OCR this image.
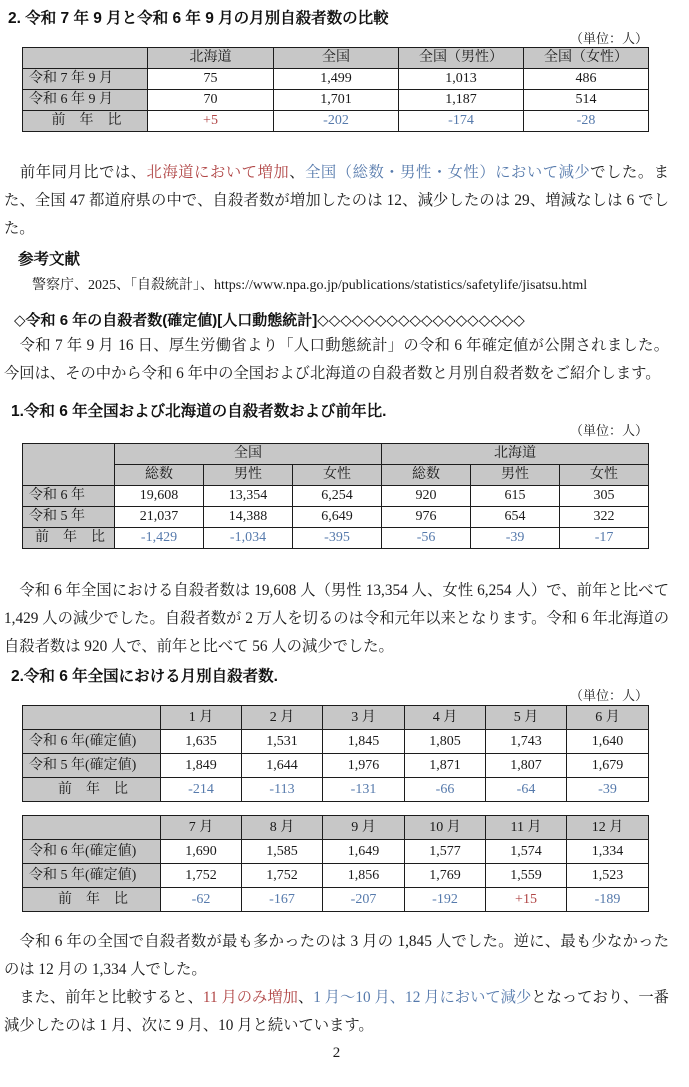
2. 令和 7 年 9 月と令和 6 年 9 月の月別自殺者数の比較
（単位：人）
	北海道	全国	全国（男性）	全国（女性）
令和 7 年 9 月	75	1,499	1,013	486
令和 6 年 9 月	70	1,701	1,187	514
前　年　比	+5	-202	-174	-28

　前年同月比では、北海道において増加、全国（総数・男性・女性）において減少でした。また、全国 47 都道府県の中で、自殺者数が増加したのは 12、減少したのは 29、増減なしは 6 でした。

参考文献

警察庁、2025、「自殺統計」、https://www.npa.go.jp/publications/statistics/safetylife/jisatsu.html

◇令和 6 年の自殺者数(確定値)[人口動態統計]◇◇◇◇◇◇◇◇◇◇◇◇◇◇◇◇◇◇

　令和 7 年 9 月 16 日、厚生労働省より「人口動態統計」の令和 6 年確定値が公開されました。今回は、その中から令和 6 年中の全国および北海道の自殺者数と月別自殺者数をご紹介します。

1.令和 6 年全国および北海道の自殺者数および前年比.
（単位：人）
	全国			北海道		
	総数	男性	女性	総数	男性	女性
令和 6 年	19,608	13,354	6,254	920	615	305
令和 5 年	21,037	14,388	6,649	976	654	322
前　年　比	-1,429	-1,034	-395	-56	-39	-17

　令和 6 年全国における自殺者数は 19,608 人（男性 13,354 人、女性 6,254 人）で、前年と比べて 1,429 人の減少でした。自殺者数が 2 万人を切るのは令和元年以来となります。令和 6 年北海道の自殺者数は 920 人で、前年と比べて 56 人の減少でした。

2.令和 6 年全国における月別自殺者数.
（単位：人）
	1 月	2 月	3 月	4 月	5 月	6 月
令和 6 年(確定値)	1,635	1,531	1,845	1,805	1,743	1,640
令和 5 年(確定値)	1,849	1,644	1,976	1,871	1,807	1,679
前　年　比	-214	-113	-131	-66	-64	-39
	7 月	8 月	9 月	10 月	11 月	12 月
令和 6 年(確定値)	1,690	1,585	1,649	1,577	1,574	1,334
令和 5 年(確定値)	1,752	1,752	1,856	1,769	1,559	1,523
前　年　比	-62	-167	-207	-192	+15	-189

　令和 6 年の全国で自殺者数が最も多かったのは 3 月の 1,845 人でした。逆に、最も少なかったのは 12 月の 1,334 人でした。

　また、前年と比較すると、11 月のみ増加、1 月～10 月、12 月において減少となっており、一番減少したのは 1 月、次に 9 月、10 月と続いています。

2
